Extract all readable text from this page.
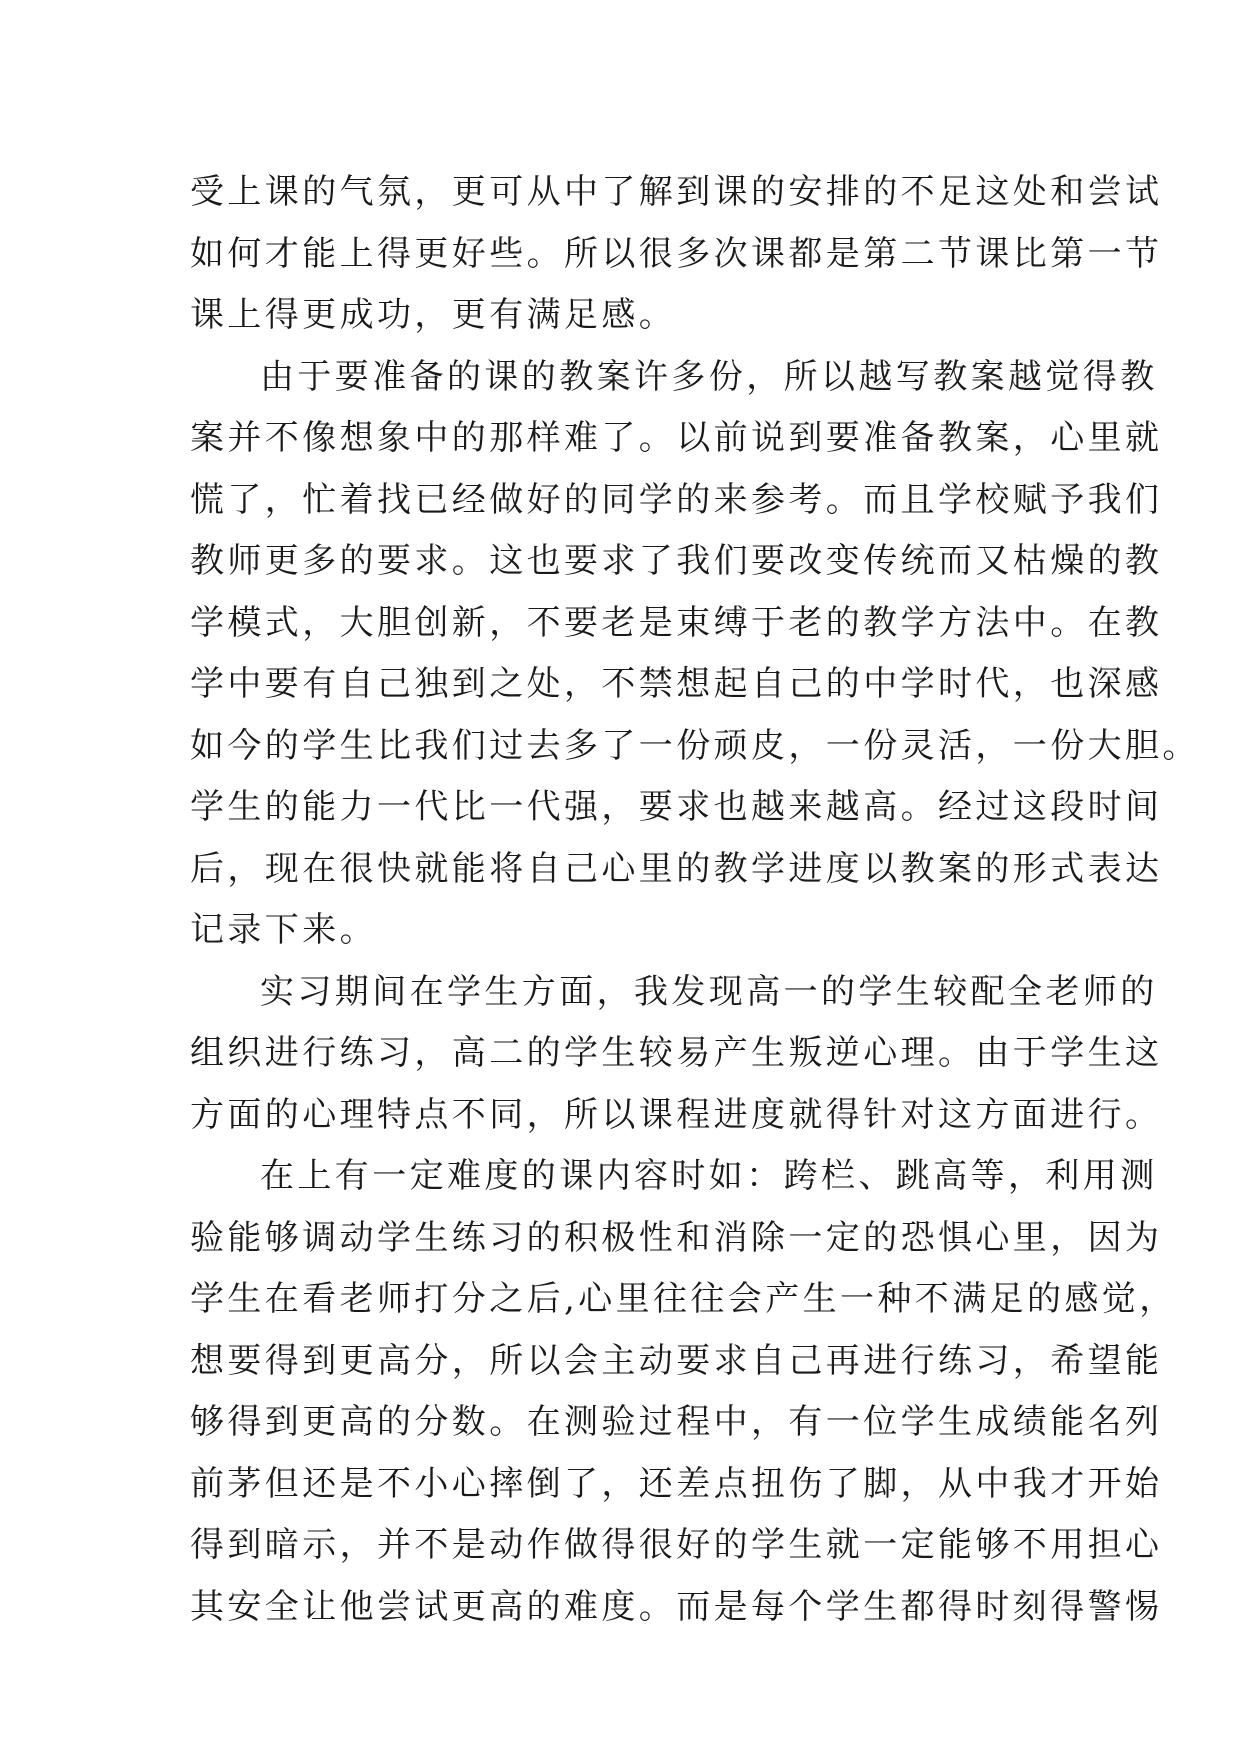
受上课的气氛，更可从中了解到课的安排的不足这处和尝试
如何才能上得更好些。所以很多次课都是第二节课比第一节
课上得更成功，更有满足感。
由于要准备的课的教案许多份，所以越写教案越觉得教
案并不像想象中的那样难了。以前说到要准备教案，心里就
慌了，忙着找已经做好的同学的来参考。而且学校赋予我们
教师更多的要求。这也要求了我们要改变传统而又枯燥的教
学模式，大胆创新，不要老是束缚于老的教学方法中。在教
学中要有自己独到之处，不禁想起自己的中学时代，也深感
如今的学生比我们过去多了一份顽皮，一份灵活，一份大胆。
学生的能力一代比一代强，要求也越来越高。经过这段时间
后，现在很快就能将自己心里的教学进度以教案的形式表达
记录下来。
实习期间在学生方面，我发现高一的学生较配全老师的
组织进行练习，高二的学生较易产生叛逆心理。由于学生这
方面的心理特点不同，所以课程进度就得针对这方面进行。
在上有一定难度的课内容时如：跨栏、跳高等，利用测
验能够调动学生练习的积极性和消除一定的恐惧心里，因为
学生在看老师打分之后,心里往往会产生一种不满足的感觉，
想要得到更高分，所以会主动要求自己再进行练习，希望能
够得到更高的分数。在测验过程中，有一位学生成绩能名列
前茅但还是不小心摔倒了，还差点扭伤了脚，从中我才开始
得到暗示，并不是动作做得很好的学生就一定能够不用担心
其安全让他尝试更高的难度。而是每个学生都得时刻得警惕
